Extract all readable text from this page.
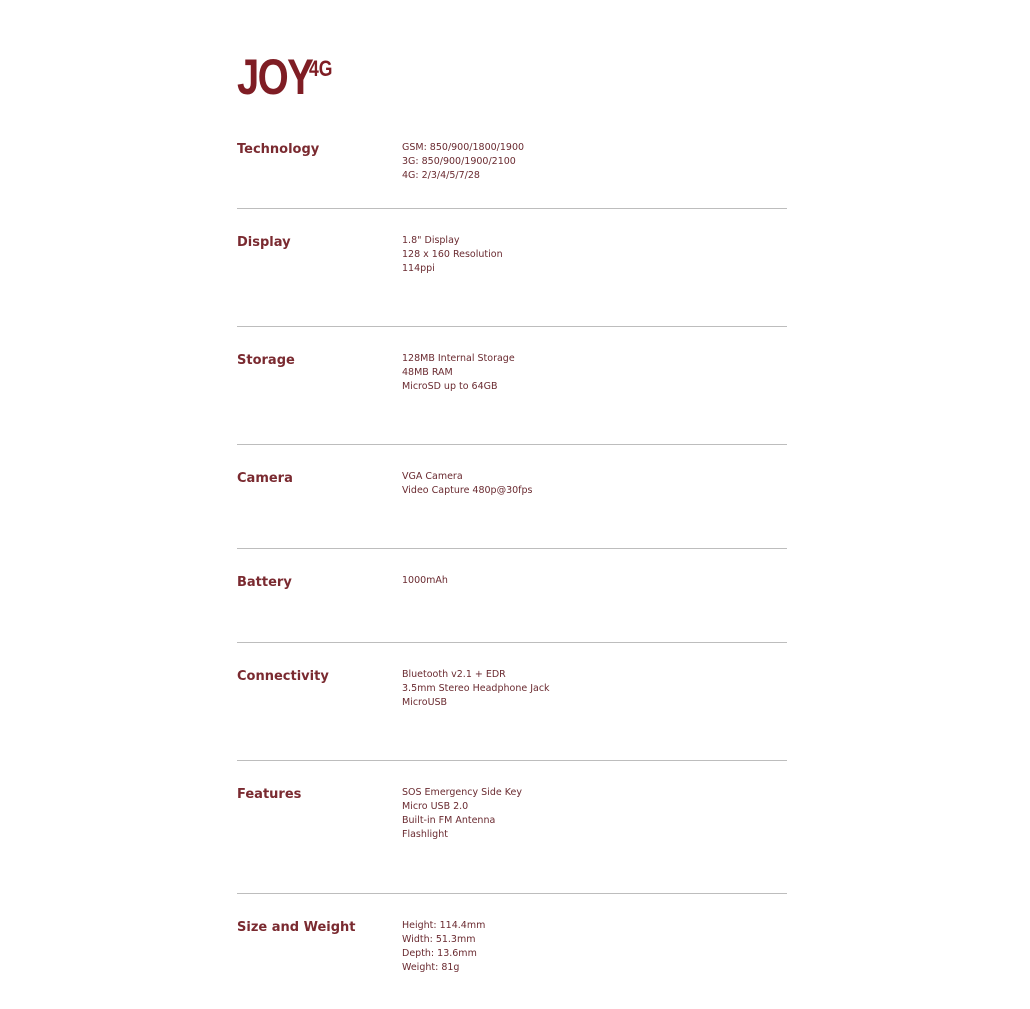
JOY
4G
Technology	GSM: 850/900/1800/1900
3G: 850/900/1900/2100
4G: 2/3/4/5/7/28
Display	1.8" Display
128 x 160 Resolution
114ppi
Storage	128MB Internal Storage
48MB RAM
MicroSD up to 64GB
Camera	VGA Camera
Video Capture 480p@30fps
Battery	1000mAh
Connectivity	Bluetooth v2.1 + EDR
3.5mm Stereo Headphone Jack
MicroUSB
Features	SOS Emergency Side Key
Micro USB 2.0
Built-in FM Antenna
Flashlight
Size and Weight	Height: 114.4mm
Width: 51.3mm
Depth: 13.6mm
Weight: 81g
